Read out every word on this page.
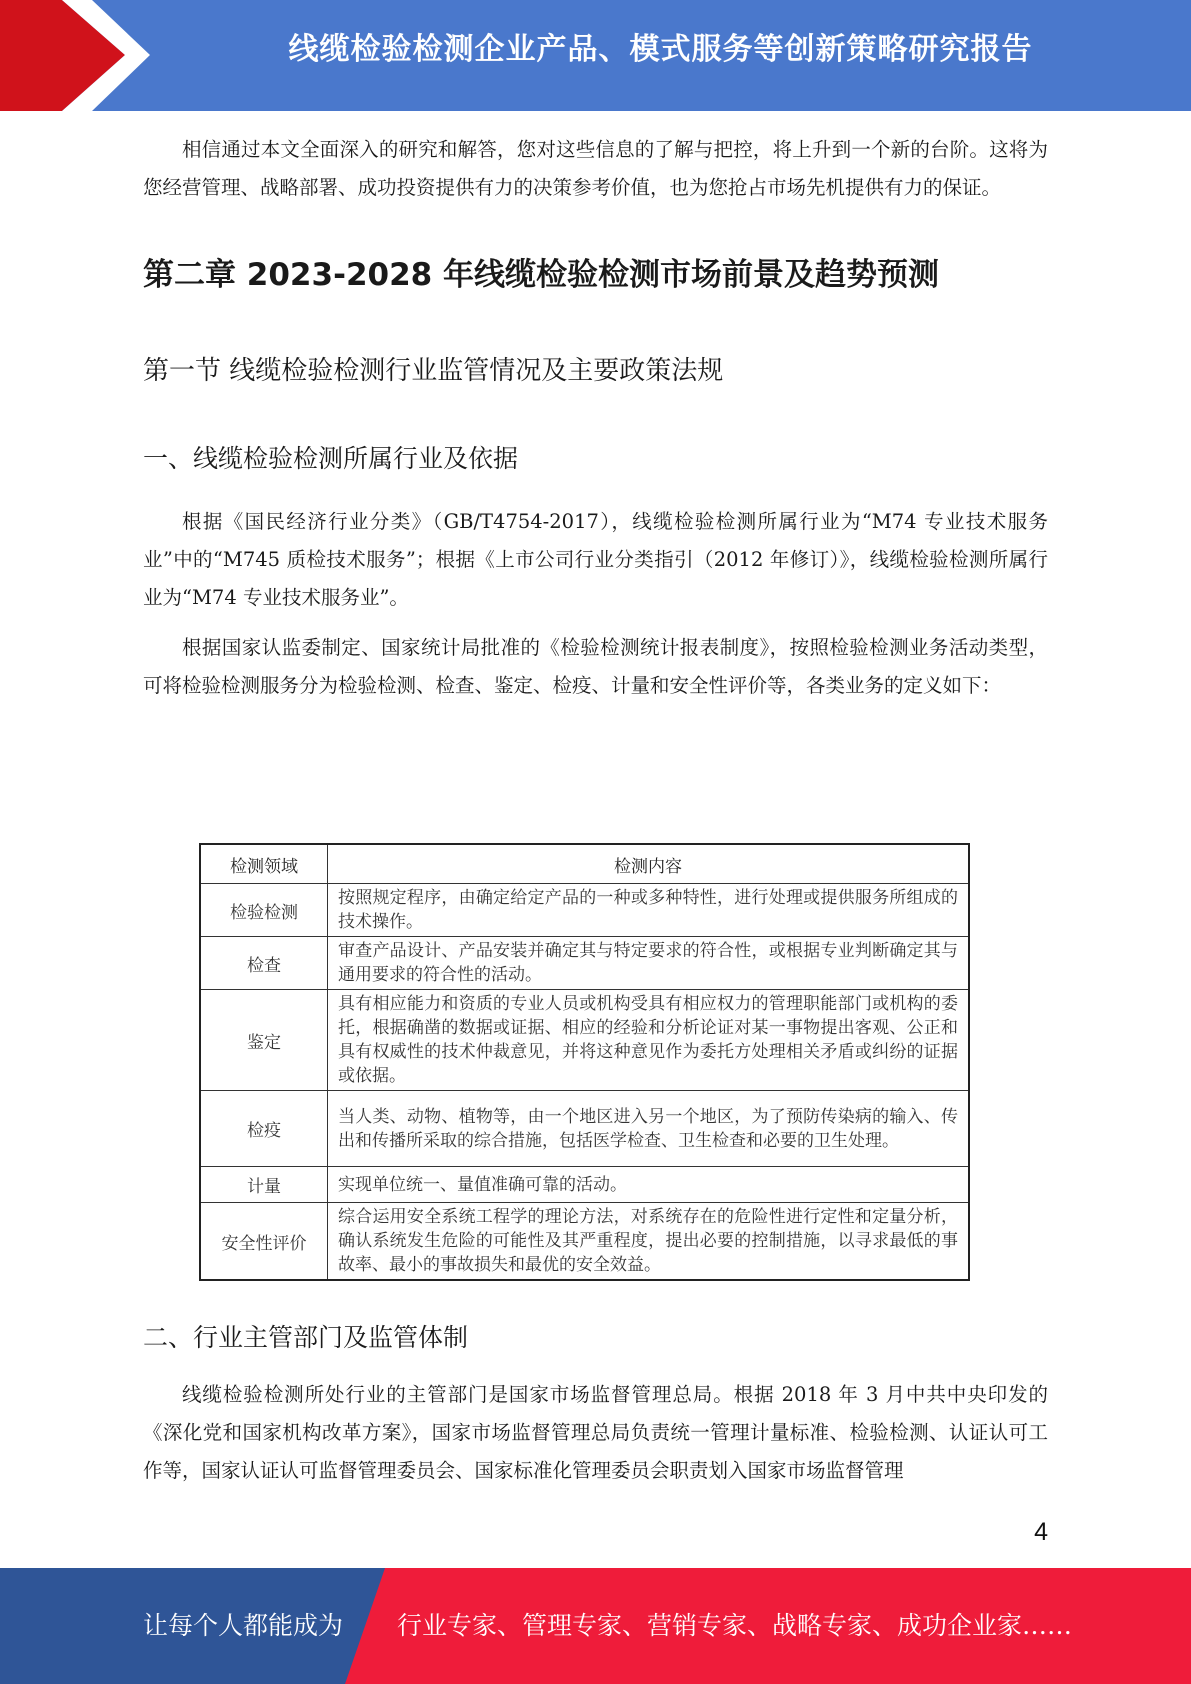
线缆检验检测企业产品、模式服务等创新策略研究报告

相信通过本文全面深入的研究和解答，您对这些信息的了解与把控，将上升到一个新的台阶。这将为您经营管理、战略部署、成功投资提供有力的决策参考价值，也为您抢占市场先机提供有力的保证。

第二章 2023-2028 年线缆检验检测市场前景及趋势预测
第一节 线缆检验检测行业监管情况及主要政策法规
一、线缆检验检测所属行业及依据

根据《国民经济行业分类》（GB/T4754-2017），线缆检验检测所属行业为“M74 专业技术服务业”中的“M745 质检技术服务”；根据《上市公司行业分类指引（2012 年修订）》，线缆检验检测所属行业为“M74 专业技术服务业”。

根据国家认监委制定、国家统计局批准的《检验检测统计报表制度》，按照检验检测业务活动类型，可将检验检测服务分为检验检测、检查、鉴定、检疫、计量和安全性评价等，各类业务的定义如下：

检测领域	检测内容
检验检测	按照规定程序，由确定给定产品的一种或多种特性，进行处理或提供服务所组成的技术操作。
检查	审查产品设计、产品安装并确定其与特定要求的符合性，或根据专业判断确定其与通用要求的符合性的活动。
鉴定	具有相应能力和资质的专业人员或机构受具有相应权力的管理职能部门或机构的委托，根据确凿的数据或证据、相应的经验和分析论证对某一事物提出客观、公正和具有权威性的技术仲裁意见，并将这种意见作为委托方处理相关矛盾或纠纷的证据或依据。
检疫	当人类、动物、植物等，由一个地区进入另一个地区，为了预防传染病的输入、传出和传播所采取的综合措施，包括医学检查、卫生检查和必要的卫生处理。
计量	实现单位统一、量值准确可靠的活动。
安全性评价	综合运用安全系统工程学的理论方法，对系统存在的危险性进行定性和定量分析，确认系统发生危险的可能性及其严重程度，提出必要的控制措施，以寻求最低的事故率、最小的事故损失和最优的安全效益。
二、行业主管部门及监管体制

线缆检验检测所处行业的主管部门是国家市场监督管理总局。根据 2018 年 3 月中共中央印发的《深化党和国家机构改革方案》，国家市场监督管理总局负责统一管理计量标准、检验检测、认证认可工作等，国家认证认可监督管理委员会、国家标准化管理委员会职责划入国家市场监督管理

4
让每个人都能成为 行业专家、管理专家、营销专家、战略专家、成功企业家……
